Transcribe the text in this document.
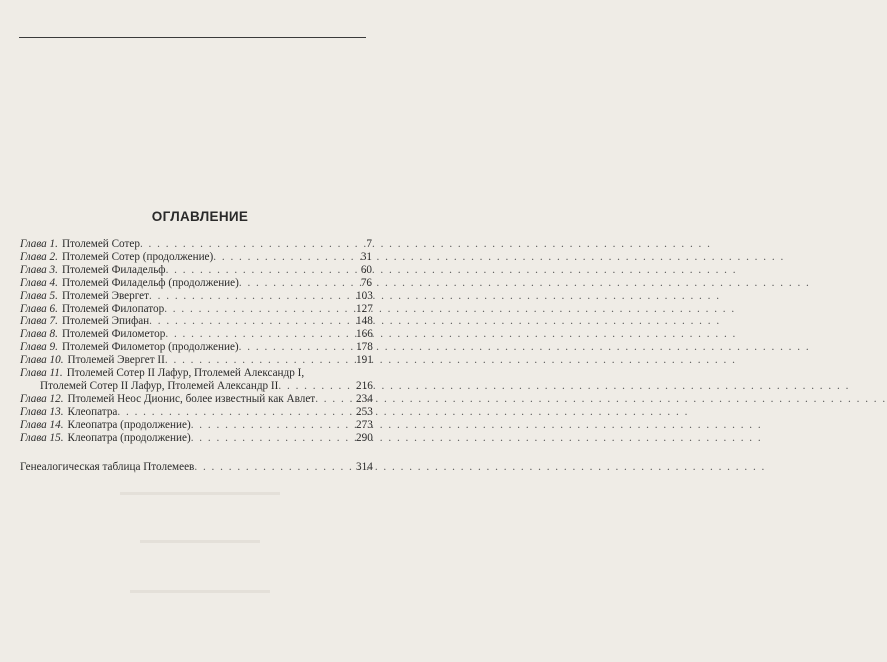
ОГЛАВЛЕНИЕ
Глава 1. Птолемей Сотер . . .	7
Глава 2. Птолемей Сотер (продолжение) . . .	31
Глава 3. Птолемей Филадельф . . .	60
Глава 4. Птолемей Филадельф (продолжение) . . .	76
Глава 5. Птолемей Эвергет . . .	103
Глава 6. Птолемей Филопатор . . .	127
Глава 7. Птолемей Эпифан . . .	148
Глава 8. Птолемей Филометор . . .	166
Глава 9. Птолемей Филометор (продолжение) . . .	178
Глава 10. Птолемей Эвергет II . . .	191
Глава 11. Птолемей Сотер II Лафур, Птолемей Александр I,
Птолемей Сотер II Лафур, Птолемей Александр II . . .	216
Глава 12. Птолемей Неос Дионис, более известный как Авлет . . .	234
Глава 13. Клеопатра . . .	253
Глава 14. Клеопатра (продолжение) . . .	273
Глава 15. Клеопатра (продолжение) . . .	290
Генеалогическая таблица Птолемеев . . .	314
